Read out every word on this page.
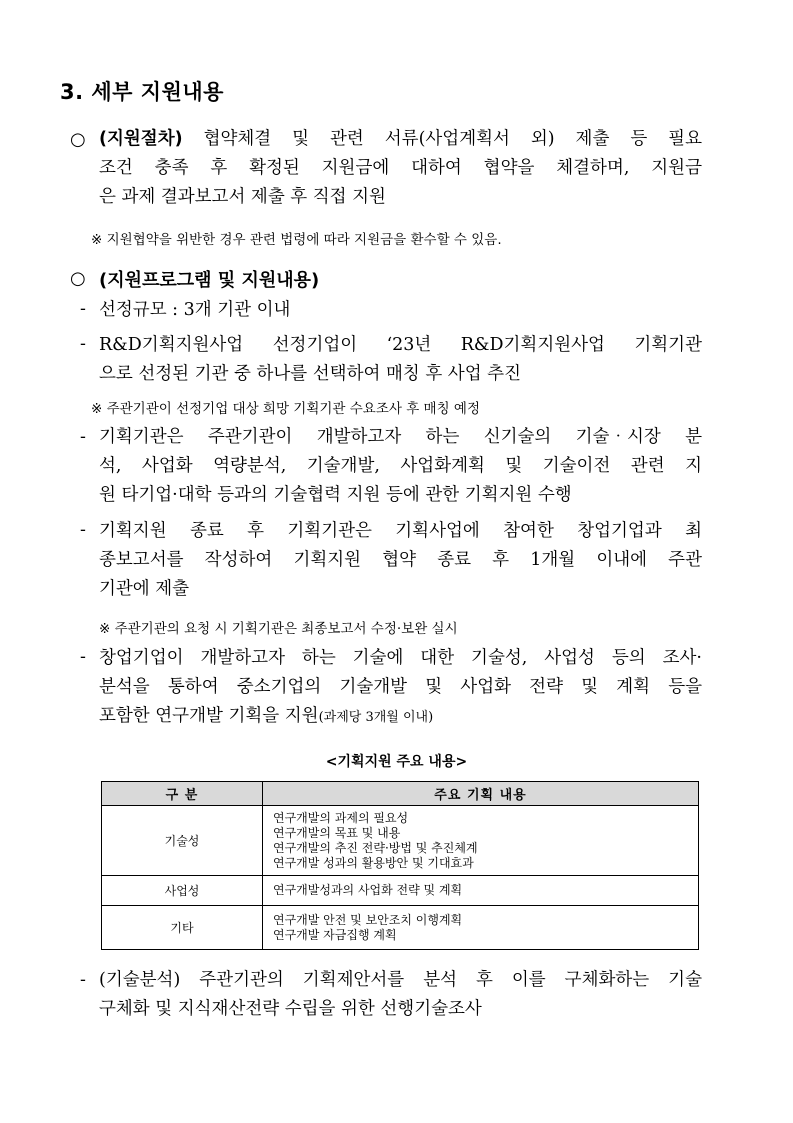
3. 세부 지원내용
○ (지원절차) 협약체결 및 관련 서류(사업계획서 외) 제출 등 필요
조건 충족 후 확정된 지원금에 대하여 협약을 체결하며, 지원금
은 과제 결과보고서 제출 후 직접 지원
※ 지원협약을 위반한 경우 관련 법령에 따라 지원금을 환수할 수 있음.
○ (지원프로그램 및 지원내용)
- 선정규모 : 3개 기관 이내
- R&D기획지원사업 선정기업이 ‘23년 R&D기획지원사업 기획기관
으로 선정된 기관 중 하나를 선택하여 매칭 후 사업 추진
※ 주관기관이 선정기업 대상 희망 기획기관 수요조사 후 매칭 예정
- 기획기관은 주관기관이 개발하고자 하는 신기술의 기술‧시장 분
석, 사업화 역량분석, 기술개발, 사업화계획 및 기술이전 관련 지
원 타기업·대학 등과의 기술협력 지원 등에 관한 기획지원 수행
- 기획지원 종료 후 기획기관은 기획사업에 참여한 창업기업과 최
종보고서를 작성하여 기획지원 협약 종료 후 1개월 이내에 주관
기관에 제출
※ 주관기관의 요청 시 기획기관은 최종보고서 수정·보완 실시
- 창업기업이 개발하고자 하는 기술에 대한 기술성, 사업성 등의 조사·
분석을 통하여 중소기업의 기술개발 및 사업화 전략 및 계획 등을
포함한 연구개발 기획을 지원(과제당 3개월 이내)
<기획지원 주요 내용>
구 분	주요 기획 내용
기술성	연구개발의 과제의 필요성
연구개발의 목표 및 내용
연구개발의 추진 전략·방법 및 추진체계
연구개발 성과의 활용방안 및 기대효과

사업성	연구개발성과의 사업화 전략 및 계획

기타	연구개발 안전 및 보안조치 이행계획
연구개발 자금집행 계획
- (기술분석) 주관기관의 기획제안서를 분석 후 이를 구체화하는 기술
구체화 및 지식재산전략 수립을 위한 선행기술조사
